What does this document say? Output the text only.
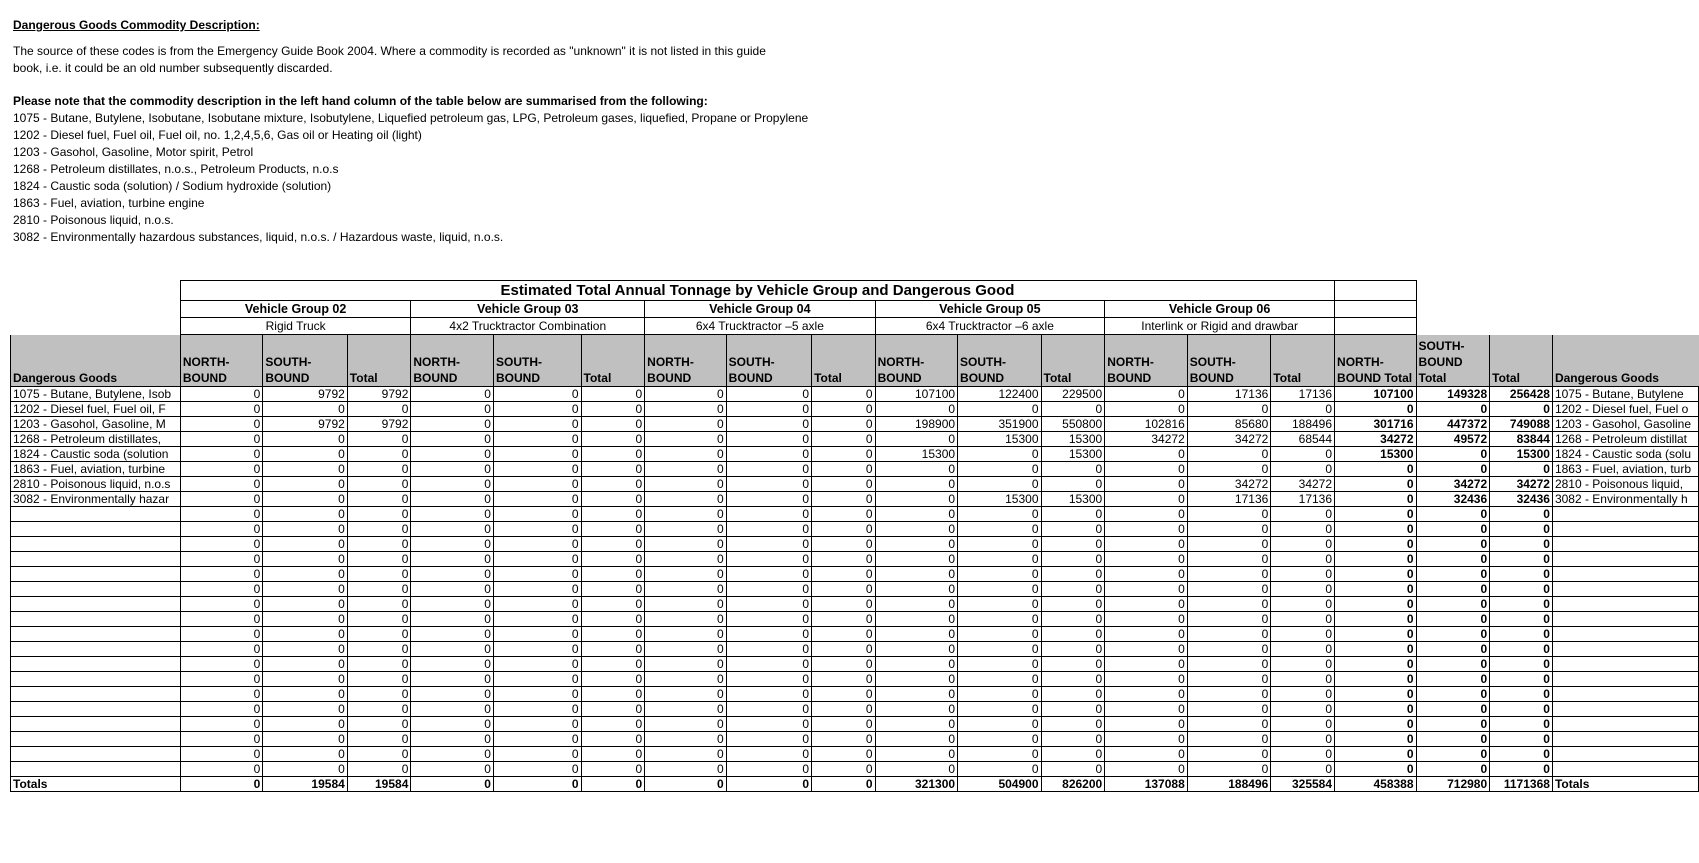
Dangerous Goods Commodity Description:
The source of these codes is from the Emergency Guide Book 2004. Where a commodity is recorded as "unknown" it is not listed in this guide
book, i.e. it could be an old number subsequently discarded.
Please note that the commodity description in the left hand column of the table below are summarised from the following:
1075 - Butane, Butylene, Isobutane, Isobutane mixture, Isobutylene, Liquefied petroleum gas, LPG, Petroleum gases, liquefied, Propane or Propylene
1202 - Diesel fuel, Fuel oil, Fuel oil, no. 1,2,4,5,6, Gas oil or Heating oil (light)
1203 - Gasohol, Gasoline, Motor spirit, Petrol
1268 - Petroleum distillates, n.o.s., Petroleum Products, n.o.s
1824 - Caustic soda (solution) / Sodium hydroxide (solution)
1863 - Fuel, aviation, turbine engine
2810 - Poisonous liquid, n.o.s.
3082 - Environmentally hazardous substances, liquid, n.o.s. / Hazardous waste, liquid, n.o.s.
	Estimated Total Annual Tonnage by Vehicle Group and Dangerous Good																		
	Vehicle Group 02			Vehicle Group 03			Vehicle Group 04			Vehicle Group 05			Vehicle Group 06						
	Rigid Truck			4x2 Trucktractor Combination			6x4 Trucktractor –5 axle			6x4 Trucktractor –6 axle			Interlink or Rigid and drawbar						
Dangerous Goods	NORTH- BOUND	SOUTH- BOUND	Total	NORTH- BOUND	SOUTH- BOUND	Total	NORTH- BOUND	SOUTH- BOUND	Total	NORTH- BOUND	SOUTH- BOUND	Total	NORTH- BOUND	SOUTH- BOUND	Total	NORTH- BOUND Total	SOUTH- BOUND Total	Total	Dangerous Goods
1075 - Butane, Butylene, Isob	0	9792	9792	0	0	0	0	0	0	107100	122400	229500	0	17136	17136	107100	149328	256428	1075 - Butane, Butylene
1202 - Diesel fuel, Fuel oil, F	0	0	0	0	0	0	0	0	0	0	0	0	0	0	0	0	0	0	1202 - Diesel fuel, Fuel o
1203 - Gasohol, Gasoline, M	0	9792	9792	0	0	0	0	0	0	198900	351900	550800	102816	85680	188496	301716	447372	749088	1203 - Gasohol, Gasoline
1268 - Petroleum distillates,	0	0	0	0	0	0	0	0	0	0	15300	15300	34272	34272	68544	34272	49572	83844	1268 - Petroleum distillat
1824 - Caustic soda (solution	0	0	0	0	0	0	0	0	0	15300	0	15300	0	0	0	15300	0	15300	1824 - Caustic soda (solu
1863 - Fuel, aviation, turbine	0	0	0	0	0	0	0	0	0	0	0	0	0	0	0	0	0	0	1863 - Fuel, aviation, turb
2810 - Poisonous liquid, n.o.s	0	0	0	0	0	0	0	0	0	0	0	0	0	34272	34272	0	34272	34272	2810 - Poisonous liquid,
3082 - Environmentally hazar	0	0	0	0	0	0	0	0	0	0	15300	15300	0	17136	17136	0	32436	32436	3082 - Environmentally h
	0	0	0	0	0	0	0	0	0	0	0	0	0	0	0	0	0	0	
	0	0	0	0	0	0	0	0	0	0	0	0	0	0	0	0	0	0	
	0	0	0	0	0	0	0	0	0	0	0	0	0	0	0	0	0	0	
	0	0	0	0	0	0	0	0	0	0	0	0	0	0	0	0	0	0	
	0	0	0	0	0	0	0	0	0	0	0	0	0	0	0	0	0	0	
	0	0	0	0	0	0	0	0	0	0	0	0	0	0	0	0	0	0	
	0	0	0	0	0	0	0	0	0	0	0	0	0	0	0	0	0	0	
	0	0	0	0	0	0	0	0	0	0	0	0	0	0	0	0	0	0	
	0	0	0	0	0	0	0	0	0	0	0	0	0	0	0	0	0	0	
	0	0	0	0	0	0	0	0	0	0	0	0	0	0	0	0	0	0	
	0	0	0	0	0	0	0	0	0	0	0	0	0	0	0	0	0	0	
	0	0	0	0	0	0	0	0	0	0	0	0	0	0	0	0	0	0	
	0	0	0	0	0	0	0	0	0	0	0	0	0	0	0	0	0	0	
	0	0	0	0	0	0	0	0	0	0	0	0	0	0	0	0	0	0	
	0	0	0	0	0	0	0	0	0	0	0	0	0	0	0	0	0	0	
	0	0	0	0	0	0	0	0	0	0	0	0	0	0	0	0	0	0	
	0	0	0	0	0	0	0	0	0	0	0	0	0	0	0	0	0	0	
	0	0	0	0	0	0	0	0	0	0	0	0	0	0	0	0	0	0	
Totals	0	19584	19584	0	0	0	0	0	0	321300	504900	826200	137088	188496	325584	458388	712980	1171368	Totals
